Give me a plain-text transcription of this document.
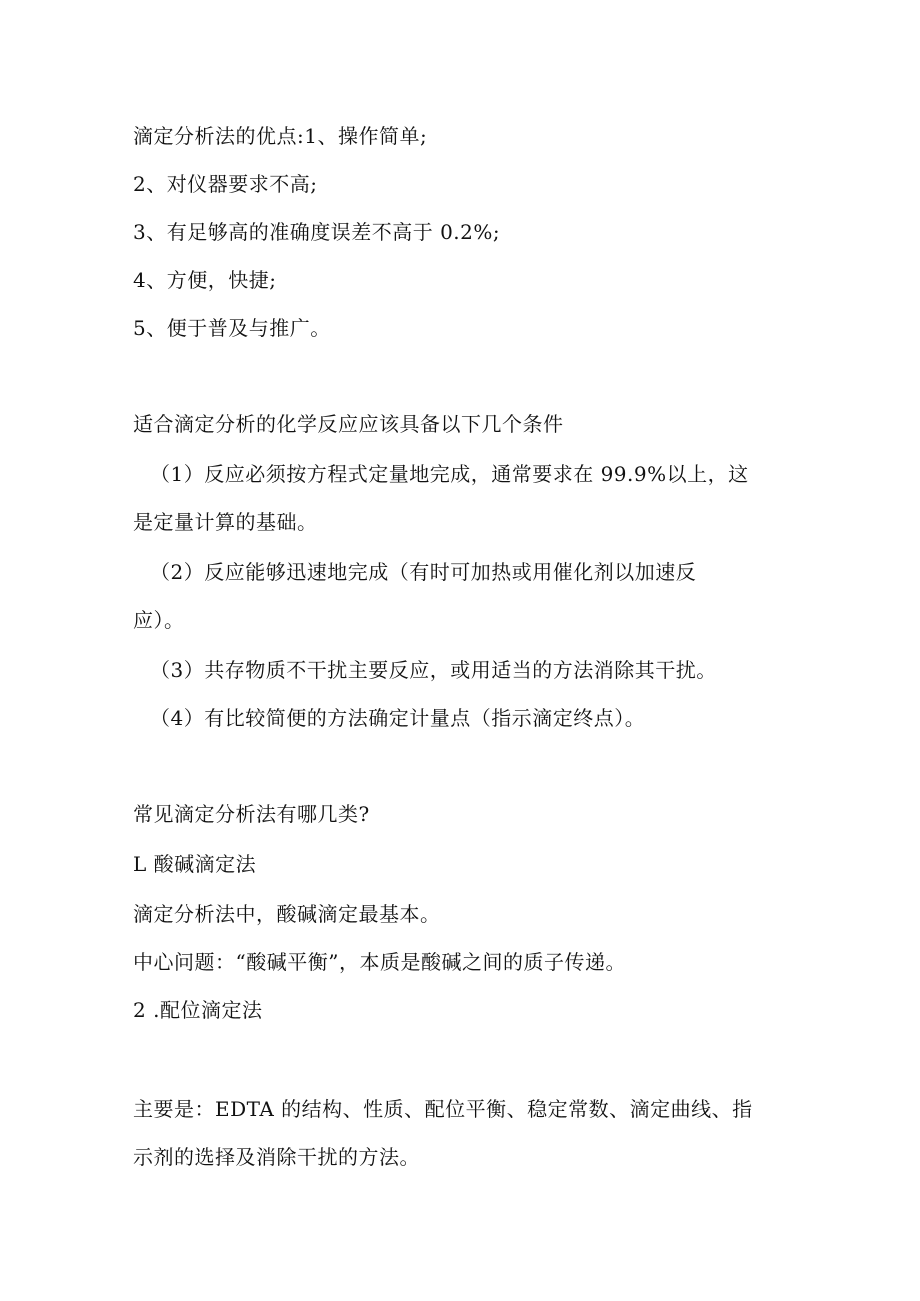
滴定分析法的优点:1、操作简单;
2、对仪器要求不高;
3、有足够高的准确度误差不高于 0.2%;
4、方便，快捷;
5、便于普及与推广。
适合滴定分析的化学反应应该具备以下几个条件
（1）反应必须按方程式定量地完成，通常要求在 99.9%以上，这
是定量计算的基础。
（2）反应能够迅速地完成（有时可加热或用催化剂以加速反
应）。
（3）共存物质不干扰主要反应，或用适当的方法消除其干扰。
（4）有比较简便的方法确定计量点（指示滴定终点）。
常见滴定分析法有哪几类?
L 酸碱滴定法
滴定分析法中，酸碱滴定最基本。
中心问题：“酸碱平衡”，本质是酸碱之间的质子传递。
2 .配位滴定法
主要是：EDTA 的结构、性质、配位平衡、稳定常数、滴定曲线、指
示剂的选择及消除干扰的方法。
